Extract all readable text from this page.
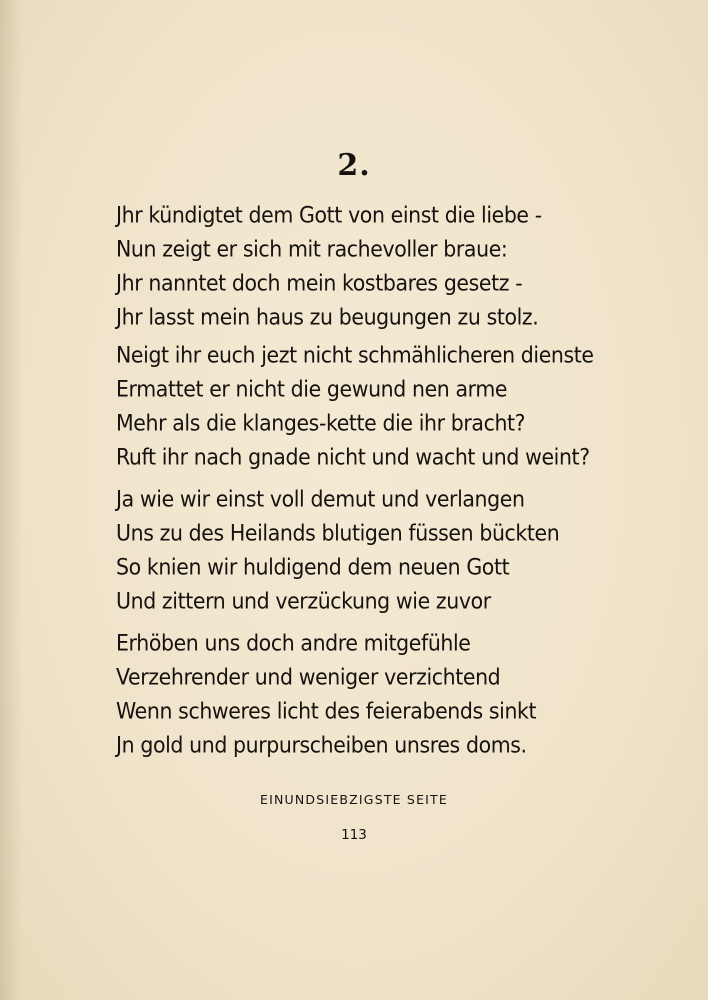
2.
Jhr kündigtet dem Gott von einst die liebe -
Nun zeigt er sich mit rachevoller braue:
Jhr nanntet doch mein kostbares gesetz -
Jhr lasst mein haus zu beugungen zu stolz.
Neigt ihr euch jezt nicht schmählicheren dienste
Ermattet er nicht die gewund nen arme
Mehr als die klanges-kette die ihr bracht?
Ruft ihr nach gnade nicht und wacht und weint?
Ja wie wir einst voll demut und verlangen
Uns zu des Heilands blutigen füssen bückten
So knien wir huldigend dem neuen Gott
Und zittern und verzückung wie zuvor
Erhöben uns doch andre mitgefühle
Verzehrender und weniger verzichtend
Wenn schweres licht des feierabends sinkt
Jn gold und purpurscheiben unsres doms.

EINUNDSIEBZIGSTE SEITE

113
